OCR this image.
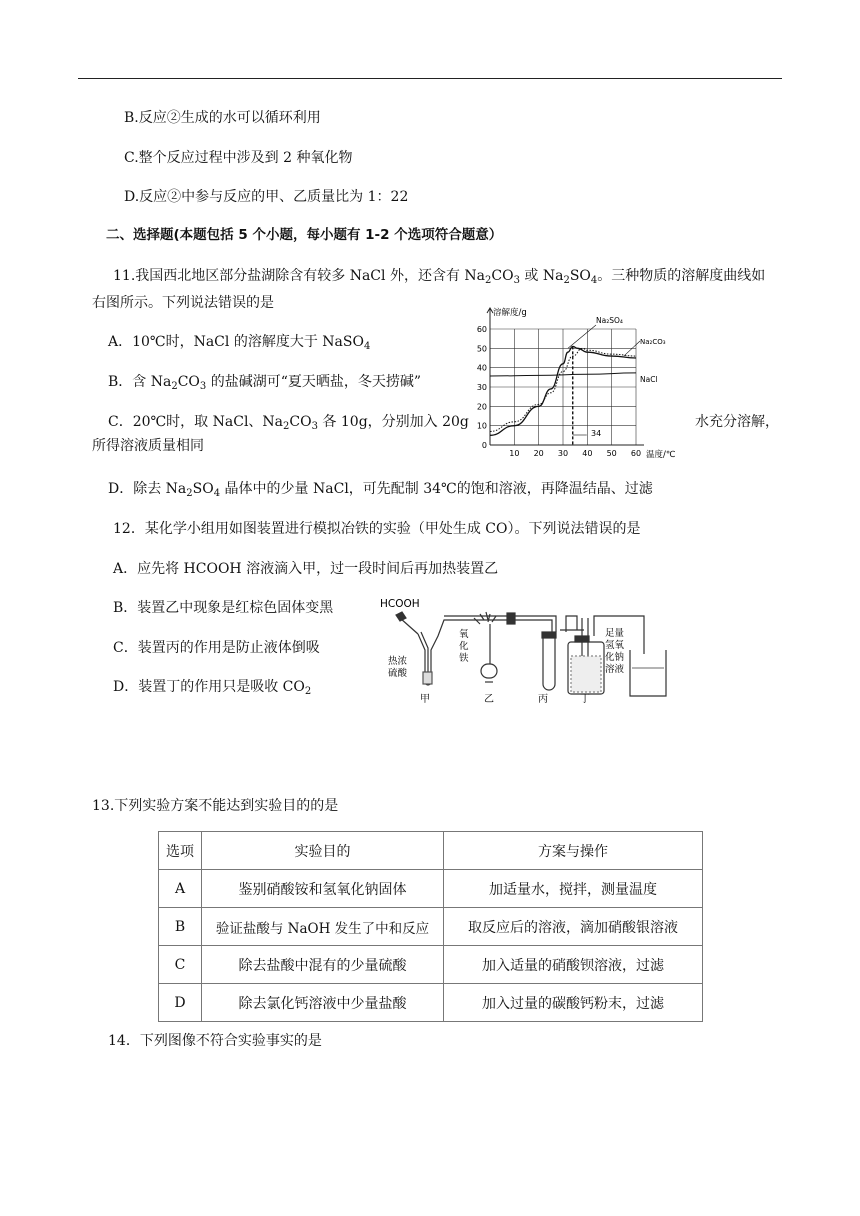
B.反应②生成的水可以循环利用
C.整个反应过程中涉及到 2 种氧化物
D.反应②中参与反应的甲、乙质量比为 1：22
二、选择题(本题包括 5 个小题，每小题有 1-2 个选项符合题意）
11.我国西北地区部分盐湖除含有较多 NaCl 外，还含有 $Na_2CO_3$ 或 $Na_2SO_4$。三种物质的溶解度曲线如
右图所示。下列说法错误的是
A．10℃时，NaCl 的溶解度大于 NaSO$_4$
B．含 $Na_2CO_3$ 的盐碱湖可“夏天晒盐，冬天捞碱”
C．20℃时，取 NaCl、$Na_2CO_3$ 各 10g，分别加入 20g	水充分溶解，
所得溶液质量相同
D．除去 $Na_2SO_4$ 晶体中的少量 NaCl，可先配制 34℃的饱和溶液，再降温结晶、过滤
60
50
40
30
20
10
0
10 20 30 40 50 60
溶解度/g
温度/℃
Na₂SO₄
Na₂CO₃
NaCl
34
12．某化学小组用如图装置进行模拟冶铁的实验（甲处生成 CO）。下列说法错误的是
A．应先将 HCOOH 溶液滴入甲，过一段时间后再加热装置乙
B．装置乙中现象是红棕色固体变黑
C．装置丙的作用是防止液体倒吸
D．装置丁的作用只是吸收 $CO_2$
HCOOH
热浓
硫酸
氧
化
铁
足量
氢氧
化钠
溶液
甲	乙	丙	丁
13.下列实验方案不能达到实验目的的是
选项	实验目的	方案与操作
A	鉴别硝酸铵和氢氧化钠固体	加适量水，搅拌，测量温度
B	验证盐酸与 NaOH 发生了中和反应	取反应后的溶液，滴加硝酸银溶液
C	除去盐酸中混有的少量硫酸	加入适量的硝酸钡溶液，过滤
D	除去氯化钙溶液中少量盐酸	加入过量的碳酸钙粉末，过滤
14．下列图像不符合实验事实的是
